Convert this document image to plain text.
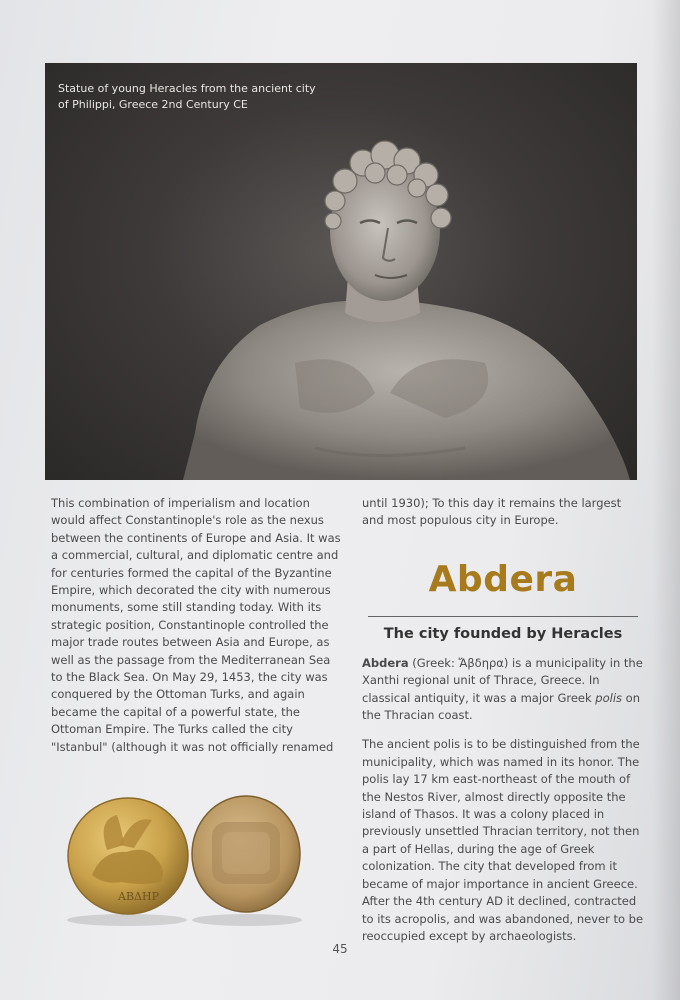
Statue of young Heracles from the ancient city of Philippi, Greece 2nd Century CE

This combination of imperialism and location would affect Constantinople's role as the nexus between the continents of Europe and Asia. It was a commercial, cultural, and diplomatic centre and for centuries formed the capital of the Byzantine Empire, which decorated the city with numerous monuments, some still standing today. With its strategic position, Constantinople controlled the major trade routes between Asia and Europe, as well as the passage from the Mediterranean Sea to the Black Sea. On May 29, 1453, the city was conquered by the Ottoman Turks, and again became the capital of a powerful state, the Ottoman Empire. The Turks called the city "Istanbul" (although it was not officially renamed

until 1930); To this day it remains the largest and most populous city in Europe.

Abdera
The city founded by Heracles

Abdera (Greek: Ἄβδηρα) is a municipality in the Xanthi regional unit of Thrace, Greece. In classical antiquity, it was a major Greek polis on the Thracian coast.

The ancient polis is to be distinguished from the municipality, which was named in its honor. The polis lay 17 km east-northeast of the mouth of the Nestos River, almost directly opposite the island of Thasos. It was a colony placed in previously unsettled Thracian territory, not then a part of Hellas, during the age of Greek colonization. The city that developed from it became of major importance in ancient Greece. After the 4th century AD it declined, contracted to its acropolis, and was abandoned, never to be reoccupied except by archaeologists.

ΑΒΔΗΡ
45
